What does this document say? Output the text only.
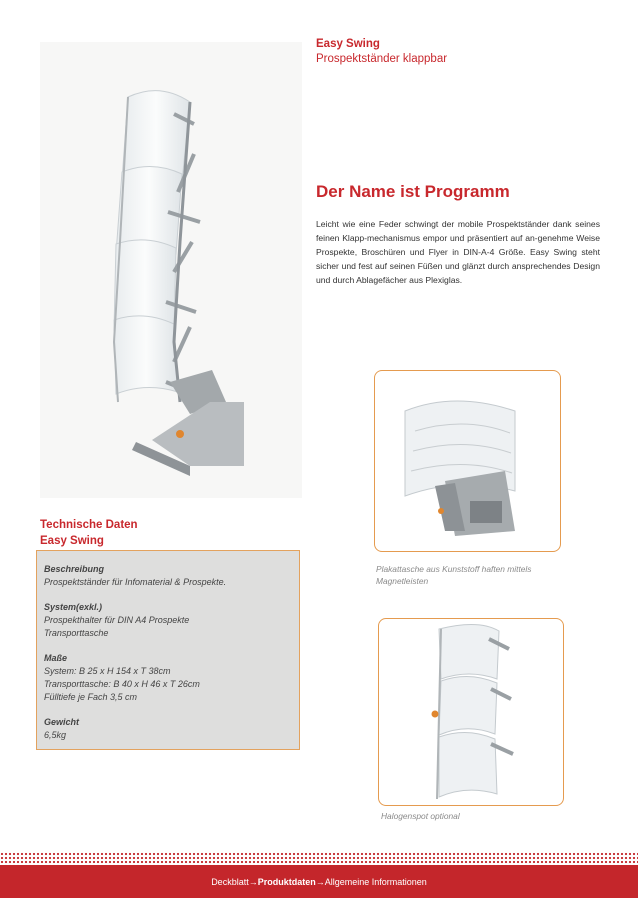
Easy Swing
Prospektständer klappbar
Der Name ist Programm
Leicht wie eine Feder schwingt der mobile Prospektständer dank seines feinen Klapp-mechanismus empor und präsentiert auf an-genehme Weise Prospekte, Broschüren und Flyer in DIN-A-4 Größe. Easy Swing steht sicher und fest auf seinen Füßen und glänzt durch ansprechendes Design und durch Ablagefächer aus Plexiglas.
Technische Daten
Easy Swing
Beschreibung
Prospektständer für Infomaterial & Prospekte.
System(exkl.)
Prospekthalter für DIN A4 Prospekte
Transporttasche
Maße
System: B 25 x H 154 x T 38cm
Transporttasche: B 40 x H 46 x T 26cm
Fülltiefe je Fach 3,5 cm
Gewicht
6,5kg
Plakattasche aus Kunststoff haften mittels Magnetleisten
Halogenspot optional
Deckblatt→Produktdaten→Allgemeine Informationen
